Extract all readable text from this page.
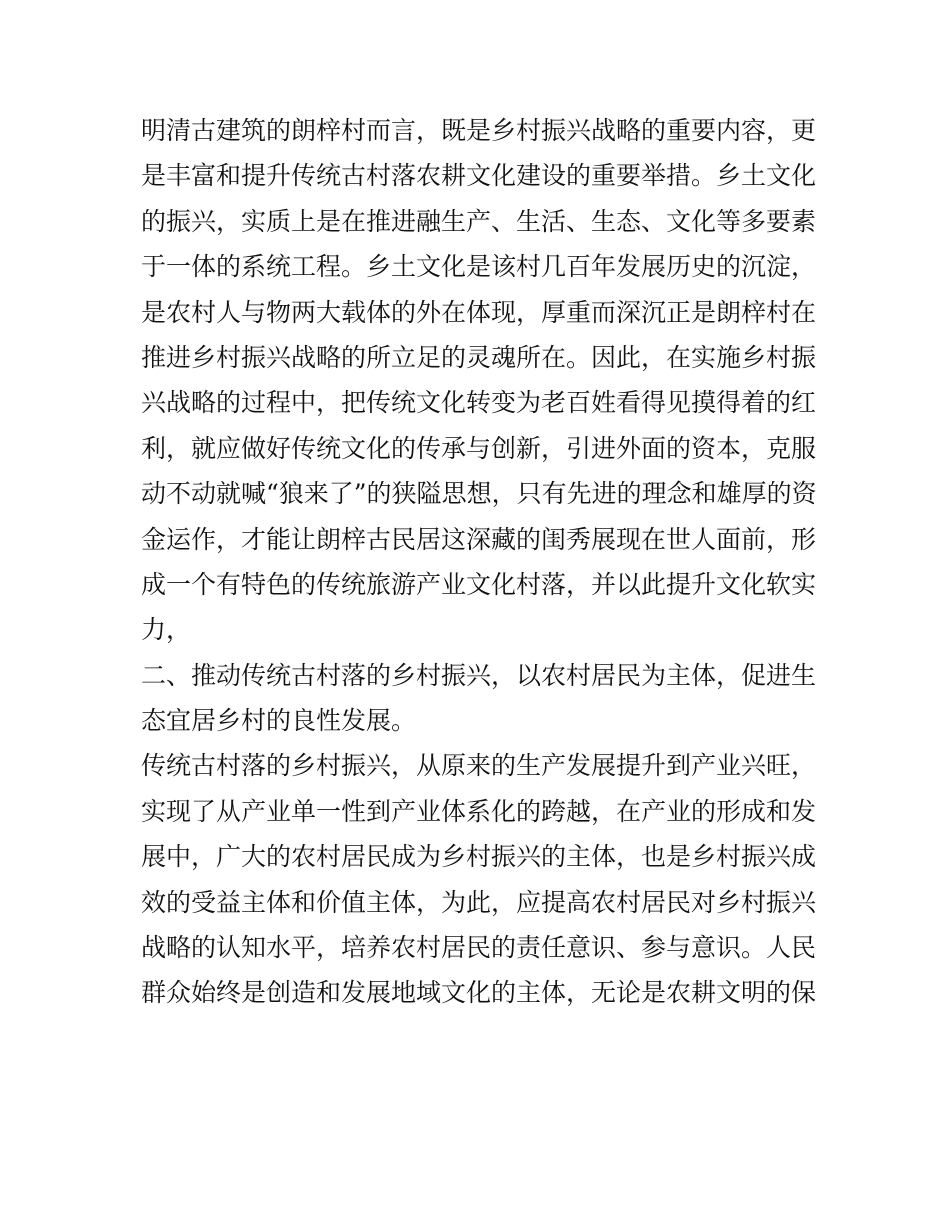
明清古建筑的朗梓村而言，既是乡村振兴战略的重要内容，更
是丰富和提升传统古村落农耕文化建设的重要举措。乡土文化
的振兴，实质上是在推进融生产、生活、生态、文化等多要素
于一体的系统工程。乡土文化是该村几百年发展历史的沉淀，
是农村人与物两大载体的外在体现，厚重而深沉正是朗梓村在
推进乡村振兴战略的所立足的灵魂所在。因此，在实施乡村振
兴战略的过程中，把传统文化转变为老百姓看得见摸得着的红
利，就应做好传统文化的传承与创新，引进外面的资本，克服
动不动就喊“狼来了”的狭隘思想，只有先进的理念和雄厚的资
金运作，才能让朗梓古民居这深藏的闺秀展现在世人面前，形
成一个有特色的传统旅游产业文化村落，并以此提升文化软实
力，
二、推动传统古村落的乡村振兴，以农村居民为主体，促进生
态宜居乡村的良性发展。
传统古村落的乡村振兴，从原来的生产发展提升到产业兴旺，
实现了从产业单一性到产业体系化的跨越，在产业的形成和发
展中，广大的农村居民成为乡村振兴的主体，也是乡村振兴成
效的受益主体和价值主体，为此，应提高农村居民对乡村振兴
战略的认知水平，培养农村居民的责任意识、参与意识。人民
群众始终是创造和发展地域文化的主体，无论是农耕文明的保
